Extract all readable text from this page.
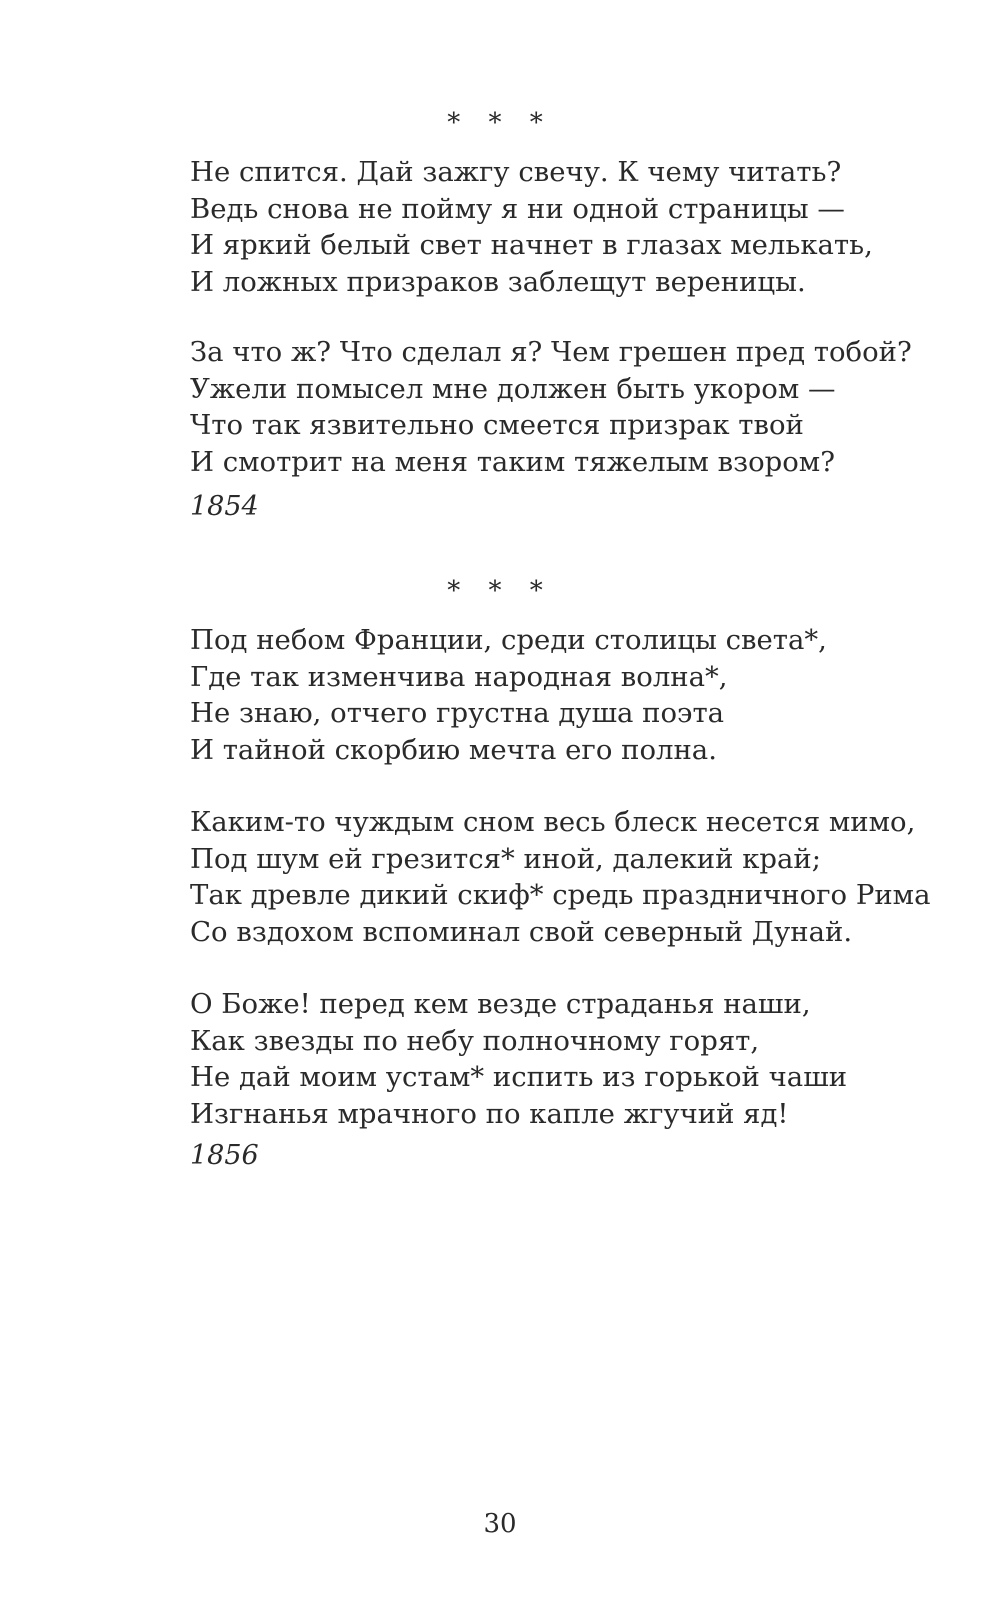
* * *
Не спится. Дай зажгу свечу. К чему читать?
Ведь снова не пойму я ни одной страницы —
И яркий белый свет начнет в глазах мелькать,
И ложных призраков заблещут вереницы.
За что ж? Что сделал я? Чем грешен пред тобой?
Ужели помысел мне должен быть укором —
Что так язвительно смеется призрак твой
И смотрит на меня таким тяжелым взором?
1854
* * *
Под небом Франции, среди столицы света*,
Где так изменчива народная волна*,
Не знаю, отчего грустна душа поэта
И тайной скорбию мечта его полна.
Каким-то чуждым сном весь блеск несется мимо,
Под шум ей грезится* иной, далекий край;
Так древле дикий скиф* средь праздничного Рима
Со вздохом вспоминал свой северный Дунай.
О Боже! перед кем везде страданья наши,
Как звезды по небу полночному горят,
Не дай моим устам* испить из горькой чаши
Изгнанья мрачного по капле жгучий яд!
1856
30
